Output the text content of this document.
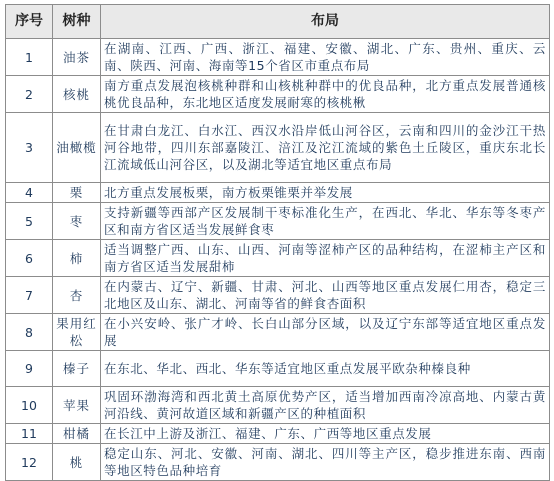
序号	树种	布局
1	油茶	在湖南、江西、广西、浙江、福建、安徽、湖北、广东、贵州、重庆、云南、陕西、河南、海南等15个省区市重点布局
2	核桃	南方重点发展泡核桃种群和山核桃种群中的优良品种，北方重点发展普通核桃优良品种，东北地区适度发展耐寒的核桃楸
3	油橄榄	在甘肃白龙江、白水江、西汉水沿岸低山河谷区，云南和四川的金沙江干热河谷地带，四川东部嘉陵江、涪江及沱江流域的紫色土丘陵区，重庆东北长江流域低山河谷区，以及湖北等适宜地区重点布局
4	栗	北方重点发展板栗，南方板栗锥栗并举发展
5	枣	支持新疆等西部产区发展制干枣标准化生产，在西北、华北、华东等冬枣产区和南方省区适当发展鲜食枣
6	柿	适当调整广西、山东、山西、河南等涩柿产区的品种结构，在涩柿主产区和南方省区适当发展甜柿
7	杏	在内蒙古、辽宁、新疆、甘肃、河北、山西等地区重点发展仁用杏，稳定三北地区及山东、湖北、河南等省的鲜食杏面积
8	果用红松	在小兴安岭、张广才岭、长白山部分区域，以及辽宁东部等适宜地区重点发展
9	榛子	在东北、华北、西北、华东等适宜地区重点发展平欧杂种榛良种
10	苹果	巩固环渤海湾和西北黄土高原优势产区，适当增加西南冷凉高地、内蒙古黄河沿线、黄河故道区域和新疆产区的种植面积
11	柑橘	在长江中上游及浙江、福建、广东、广西等地区重点发展
12	桃	稳定山东、河北、安徽、河南、湖北、四川等主产区，稳步推进东南、西南等地区特色品种培育
